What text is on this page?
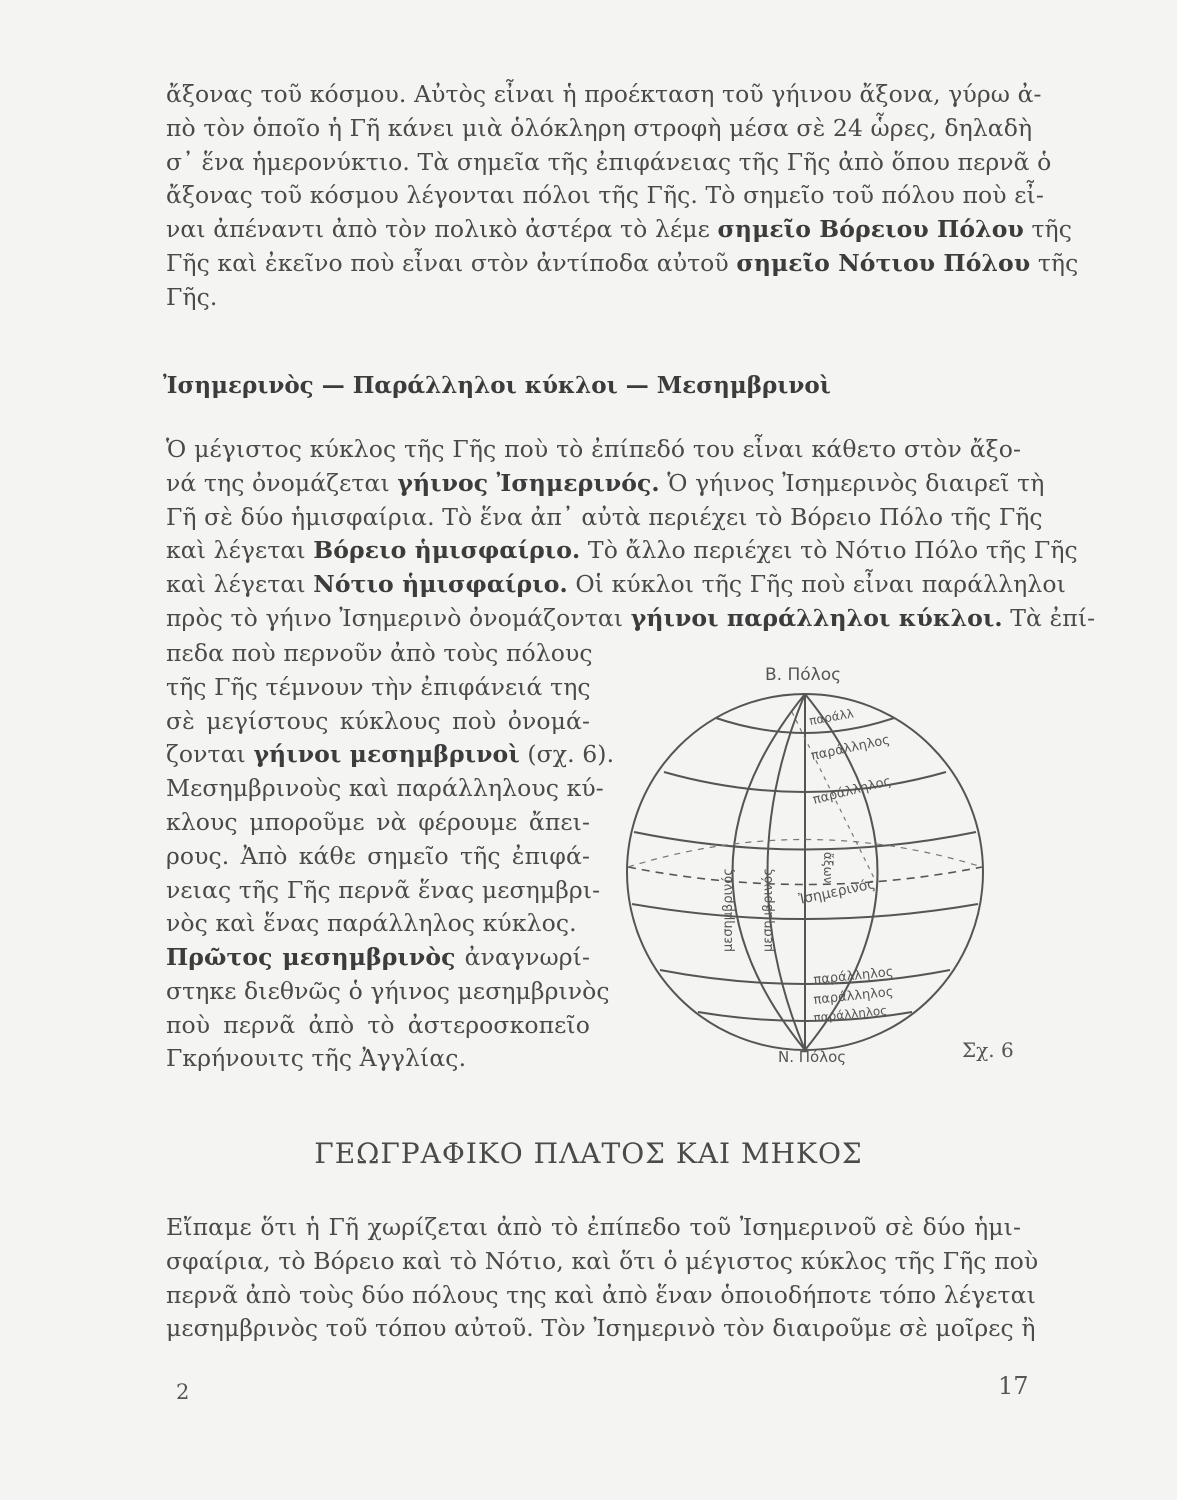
ἄξονας τοῦ κόσμου. Αὐτὸς εἶναι ἡ προέκταση τοῦ γήινου ἄξονα, γύρω ἀ-
πὸ τὸν ὁποῖο ἡ Γῆ κάνει μιὰ ὁλόκληρη στροφὴ μέσα σὲ 24 ὧρες, δηλαδὴ
σ᾽ ἕνα ἡμερονύκτιο. Τὰ σημεῖα τῆς ἐπιφάνειας τῆς Γῆς ἀπὸ ὅπου περνᾶ ὁ
ἄξονας τοῦ κόσμου λέγονται πόλοι τῆς Γῆς. Τὸ σημεῖο τοῦ πόλου ποὺ εἶ-
ναι ἀπέναντι ἀπὸ τὸν πολικὸ ἀστέρα τὸ λέμε σημεῖο Βόρειου Πόλου τῆς
Γῆς καὶ ἐκεῖνο ποὺ εἶναι στὸν ἀντίποδα αὐτοῦ σημεῖο Νότιου Πόλου τῆς
Γῆς.
Ὁ μέγιστος κύκλος τῆς Γῆς ποὺ τὸ ἐπίπεδό του εἶναι κάθετο στὸν ἄξο-
νά της ὀνομάζεται γήινος Ἰσημερινός. Ὁ γήινος Ἰσημερινὸς διαιρεῖ τὴ
Γῆ σὲ δύο ἡμισφαίρια. Τὸ ἕνα ἀπ᾽ αὐτὰ περιέχει τὸ Βόρειο Πόλο τῆς Γῆς
καὶ λέγεται Βόρειο ἡμισφαίριο. Τὸ ἄλλο περιέχει τὸ Νότιο Πόλο τῆς Γῆς
καὶ λέγεται Νότιο ἡμισφαίριο. Οἱ κύκλοι τῆς Γῆς ποὺ εἶναι παράλληλοι
πρὸς τὸ γήινο Ἰσημερινὸ ὀνομάζονται γήινοι παράλληλοι κύκλοι. Τὰ ἐπί-
πεδα ποὺ περνοῦν ἀπὸ τοὺς πόλους
τῆς Γῆς τέμνουν τὴν ἐπιφάνειά της
σὲ μεγίστους κύκλους ποὺ ὀνομά-
ζονται γήινοι μεσημβρινοὶ (σχ. 6).
Μεσημβρινοὺς καὶ παράλληλους κύ-
κλους μποροῦμε νὰ φέρουμε ἄπει-
ρους. Ἀπὸ κάθε σημεῖο τῆς ἐπιφά-
νειας τῆς Γῆς περνᾶ ἕνας μεσημβρι-
νὸς καὶ ἕνας παράλληλος κύκλος.
Πρῶτος μεσημβρινὸς ἀναγνωρί-
στηκε διεθνῶς ὁ γήινος μεσημβρινὸς
ποὺ περνᾶ ἀπὸ τὸ ἀστεροσκοπεῖο
Γκρήνουιτς τῆς Ἀγγλίας.
Εἴπαμε ὅτι ἡ Γῆ χωρίζεται ἀπὸ τὸ ἐπίπεδο τοῦ Ἰσημερινοῦ σὲ δύο ἡμι-
σφαίρια, τὸ Βόρειο καὶ τὸ Νότιο, καὶ ὅτι ὁ μέγιστος κύκλος τῆς Γῆς ποὺ
περνᾶ ἀπὸ τοὺς δύο πόλους της καὶ ἀπὸ ἕναν ὁποιοδήποτε τόπο λέγεται
μεσημβρινὸς τοῦ τόπου αὐτοῦ. Τὸν Ἰσημερινὸ τὸν διαιροῦμε σὲ μοῖρες ἢ
Ἰσημερινὸς — Παράλληλοι κύκλοι — Μεσημβρινοὶ
ΓΕΩΓΡΑΦΙΚΟ ΠΛΑΤΟΣ ΚΑΙ ΜΗΚΟΣ
Β. Πόλος
Ν. Πόλος
παράλλ
παράλληλος
παράλληλος
παράλληλος
παράλληλος
παράλληλος
Ἰσημερινός
μεσημβρινός μεσημβρινός
ἄξων
Σχ. 6
2	17
